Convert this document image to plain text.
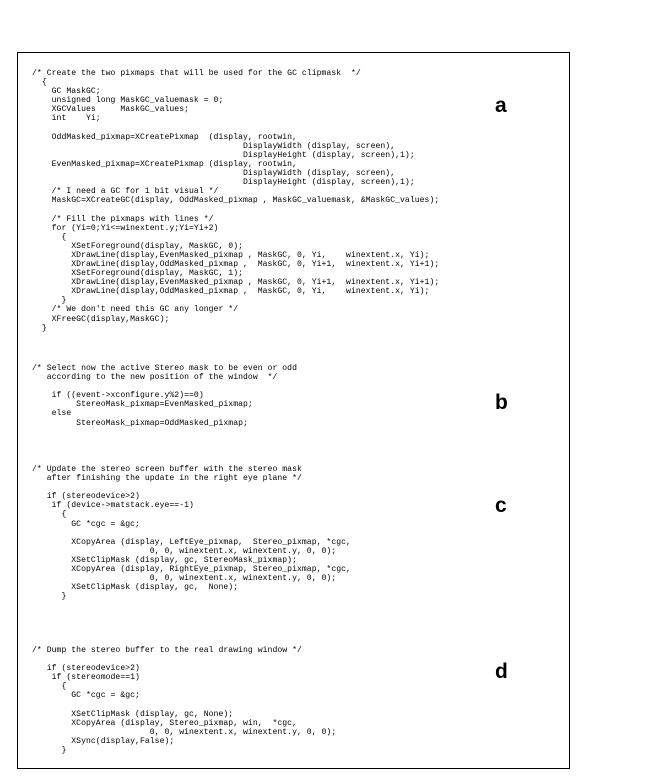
/* Create the two pixmaps that will be used for the GC clipmask  */
{
GC MaskGC;
unsigned long MaskGC_valuemask = 0;
XGCValues     MaskGC_values;
int    Yi;

OddMasked_pixmap=XCreatePixmap  (display, rootwin,
DisplayWidth (display, screen),
DisplayHeight (display, screen),1);
EvenMasked_pixmap=XCreatePixmap (display, rootwin,
DisplayWidth (display, screen),
DisplayHeight (display, screen),1);
/* I need a GC for 1 bit visual */
MaskGC=XCreateGC(display, OddMasked_pixmap , MaskGC_valuemask, &MaskGC_values);

/* Fill the pixmaps with lines */
for (Yi=0;Yi<=winextent.y;Yi=Yi+2)
{
XSetForeground(display, MaskGC, 0);
XDrawLine(display,EvenMasked_pixmap , MaskGC, 0, Yi,    winextent.x, Yi);
XDrawLine(display,OddMasked_pixmap ,  MaskGC, 0, Yi+1,  winextent.x, Yi+1);
XSetForeground(display, MaskGC, 1);
XDrawLine(display,EvenMasked_pixmap , MaskGC, 0, Yi+1,  winextent.x, Yi+1);
XDrawLine(display,OddMasked_pixmap ,  MaskGC, 0, Yi,    winextent.x, Yi);
}
/* We don't need this GC any longer */
XFreeGC(display,MaskGC);
}
a
/* Select now the active Stereo mask to be even or odd
according to the new position of the window  */

if ((event->xconfigure.y%2)==0)
StereoMask_pixmap=EvenMasked_pixmap;
else
StereoMask_pixmap=OddMasked_pixmap;
b
/* Update the stereo screen buffer with the stereo mask
after finishing the update in the right eye plane */

if (stereodevice>2)
if (device->matstack.eye==-1)
{
GC *cgc = &gc;

XCopyArea (display, LeftEye_pixmap,  Stereo_pixmap, *cgc,
0, 0, winextent.x, winextent.y, 0, 0);
XSetClipMask (display, gc, StereoMask_pixmap);
XCopyArea (display, RightEye_pixmap, Stereo_pixmap, *cgc,
0, 0, winextent.x, winextent.y, 0, 0);
XSetClipMask (display, gc,  None);
}
c
/* Dump the stereo buffer to the real drawing window */

if (stereodevice>2)
if (stereomode==1)
{
GC *cgc = &gc;

XSetClipMask (display, gc, None);
XCopyArea (display, Stereo_pixmap, win,  *cgc,
0, 0, winextent.x, winextent.y, 0, 0);
XSync(display,False);
}
d
